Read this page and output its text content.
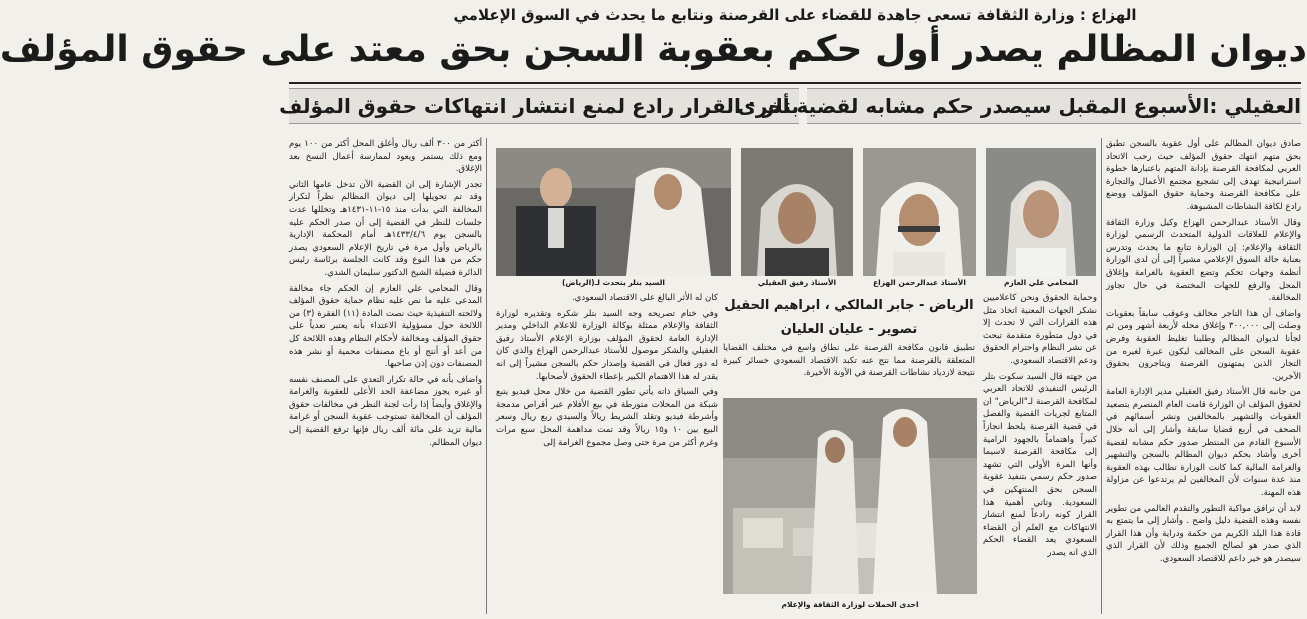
الهزاع : وزارة الثقافة تسعى جاهدة للقضاء على القرصنة ونتابع ما يحدث في السوق الإعلامي
ديوان المظالم يصدر أول حكم بعقوبة السجن بحق معتد على حقوق المؤلف
بتلر : القرار رادع لمنع انتشار انتهاكات حقوق المؤلف
العقيلي :الأسبوع المقبل سيصدر حكم مشابه لقضية أخرى

صادق ديوان المظالم على أول عقوبة بالسجن تطبق بحق متهم انتهك حقوق المؤلف حيث رحب الاتحاد العربي لمكافحة القرصنة بإدانة المتهم باعتبارها خطوة استراتيجية تهدف إلى تشجيع مجتمع الأعمال والتجارة على مكافحة القرصنة وحماية حقوق المؤلف ووضع رادع لكافة النشاطات المشبوهة.

وقال الأستاذ عبدالرحمن الهزاع وكيل وزارة الثقافة والإعلام للعلاقات الدولية المتحدث الرسمي لوزارة الثقافة والإعلام: إن الوزارة تتابع ما يحدث وتدرس بعناية حالة السوق الإعلامي مشيراً إلى أن لدى الوزارة أنظمة وجهات تحكم وتضع العقوبة بالغرامة وإغلاق المحل والرفع للجهات المختصة في حال تجاوز المخالفة.

واضاف أن هذا التاجر مخالف وعوقب سابقاً بعقوبات وصلت إلى ٣٠٠,٠٠٠ وإغلاق محله لأربعة أشهر ومن ثم لجأنا لديوان المظالم وطلبنا تغليظ العقوبة وفرض عقوبة السجن على المخالف ليكون عبرة لغيره من التجار الذين يمتهنون القرصنة ويتاجرون بحقوق الآخرين.

من جانبه قال الأستاذ رفيق العقيلي مدير الإدارة العامة لحقوق المؤلف ان الوزارة قامت العام المنصرم بتصعيد العقوبات والتشهير بالمخالفين ونشر أسمائهم في الصحف في أربع قضايا سابقة وأشار إلى أنه خلال الأسبوع القادم من المنتظر صدور حكم مشابه لقضية أخرى وأشاد بحكم ديوان المظالم بالسجن والتشهير والغرامة المالية كما كانت الوزارة تطالب بهذه العقوبة منذ عدة سنوات لأن المخالفين لم يرتدعوا عن مزاولة هذه المهنة.

لابد أن ترافق مواكبة التطور والتقدم العالمي من تطوير نفسه وهذه القضية دليل واضح . وأشار إلى ما يتمتع به قادة هذا البلد الكريم من حكمة ودراية وأن هذا القرار الذي صدر هو لصالح الجميع وذلك لأن القرار الذي سيصدر هو خير داعم للاقتصاد السعودي.

المحامي علي العازم
الأستاذ عبدالرحمن الهزاع
الأستاذ رفيق العقيلي
السيد بتلر يتحدث لـ(الرياض)

أكثر من ٣٠٠ ألف ريال وأغلق المحل أكثر من ١٠٠ يوم ومع ذلك يستمر ويعود لممارسة أعمال النسخ بعد الإغلاق.

تجدر الإشارة إلى ان القضية الآن تدخل عامها الثاني وقد تم تحويلها إلى ديوان المظالم نظراً لتكرار المخالفة التي بدأت منذ ١٥-١١-١٤٣١هـ وتخللها عدت جلسات للنظر في القضية إلى أن صدر الحكم عليه بالسجن يوم ١٤٣٣/٤/٦هـ أمام المحكمة الإدارية بالرياض وأول مرة في تاريخ الإعلام السعودي يصدر حكم من هذا النوع وقد كانت الجلسة برئاسة رئيس الدائرة فضيلة الشيخ الدكتور سليمان الشدي.

وقال المحامي علي العازم إن الحكم جاء مخالفة المدعى عليه ما نص عليه نظام حماية حقوق المؤلف ولائحته التنفيذية حيث نصت المادة (١١) الفقرة (٣) من اللائحة حول مسؤولية الاعتداء بأنه يعتبر تعدياً على حقوق المؤلف ومخالفة لأحكام النظام وهذه اللائحة كل من أعد أو أنتج أو باع مصنفات محمية أو نشر هذه المصنفات دون إذن صاحبها.

واضاف بأنه في حالة تكرار التعدي على المصنف نفسه أو غيره يجوز مضاعفة الحد الأعلى للعقوبة والغرامة والإغلاق وأيضاً إذا رأت لجنة النظر في مخالفات حقوق المؤلف أن المخالفة تستوجب عقوبة السجن أو غرامة مالية تزيد على مائة ألف ريال فإنها ترفع القضية إلى ديوان المظالم.

وحماية الحقوق ونحن كاعلاميين نشكر الجهات المعنية اتخاذ مثل هذه القرارات التي لا تحدث إلا في دول متطورة متقدمة تبحث عن نشر النظام واحترام الحقوق ودعم الاقتصاد السعودي.

من جهته قال السيد سكوت بتلر الرئيس التنفيذي للاتحاد العربي لمكافحة القرصنة لـ"الرياض" ان المتابع لجريات القضية والفصل في قضية القرصنة يلحظ انجازاً كبيراً واهتماماً بالجهود الرامية إلى مكافحة القرصنة لاسيما وأنها المرة الأولى التي تشهد صدور حكم رسمي بتنفيذ عقوبة السجن بحق المنتهكين في السعودية. وتاتي أهمية هذا القرار كونه رادعاً لمنع انتشار الانتهاكات مع العلم أن القضاء السعودي يعد القضاء الحكم الذي انه يصدر

الرياض - جابر المالكي ، ابراهيم الحقيل
تصوير - عليان العليان

تطبيق قانون مكافحة القرصنة على نطاق واسع في مختلف القضايا المتعلقة بالقرصنة مما نتج عنه تكبد الاقتصاد السعودي خسائر كبيرة نتيجة لازدياد نشاطات القرصنة في الآونة الأخيرة.

كان له الأثر البالغ على الاقتصاد السعودي.

وفي ختام تصريحه وجه السيد بتلر شكره وتقديره لوزارة الثقافة والإعلام ممثلة بوكالة الوزارة للاعلام الداخلي ومدير الإدارة العامة لحقوق المؤلف بوزارة الإعلام الأستاذ رفيق العقيلي والشكر موصول للأستاذ عبدالرحمن الهزاع والذي كان له دور فعال في القضية وإصدار حكم بالسجن مشيراً إلى انه يقدر له هذا الاهتمام الكبير بإعطاء الحقوق لأصحابها.

وفي السياق ذاته يأتي تطور القضية من خلال محل فيديو يتبع شبكة من المحلات متورطة في بيع الأفلام عبر أقراص مدمجة وأشرطة فيديو وتقلد الشريط ريالاً والسيدي ربع ريال وسعر البيع بين ١٠ و١٥ ريالاً وقد تمت مداهمة المحل سبع مرات وغرم أكثر من مرة حتى وصل مجموع الغرامة إلى

احدى الحملات لوزارة الثقافة والإعلام
